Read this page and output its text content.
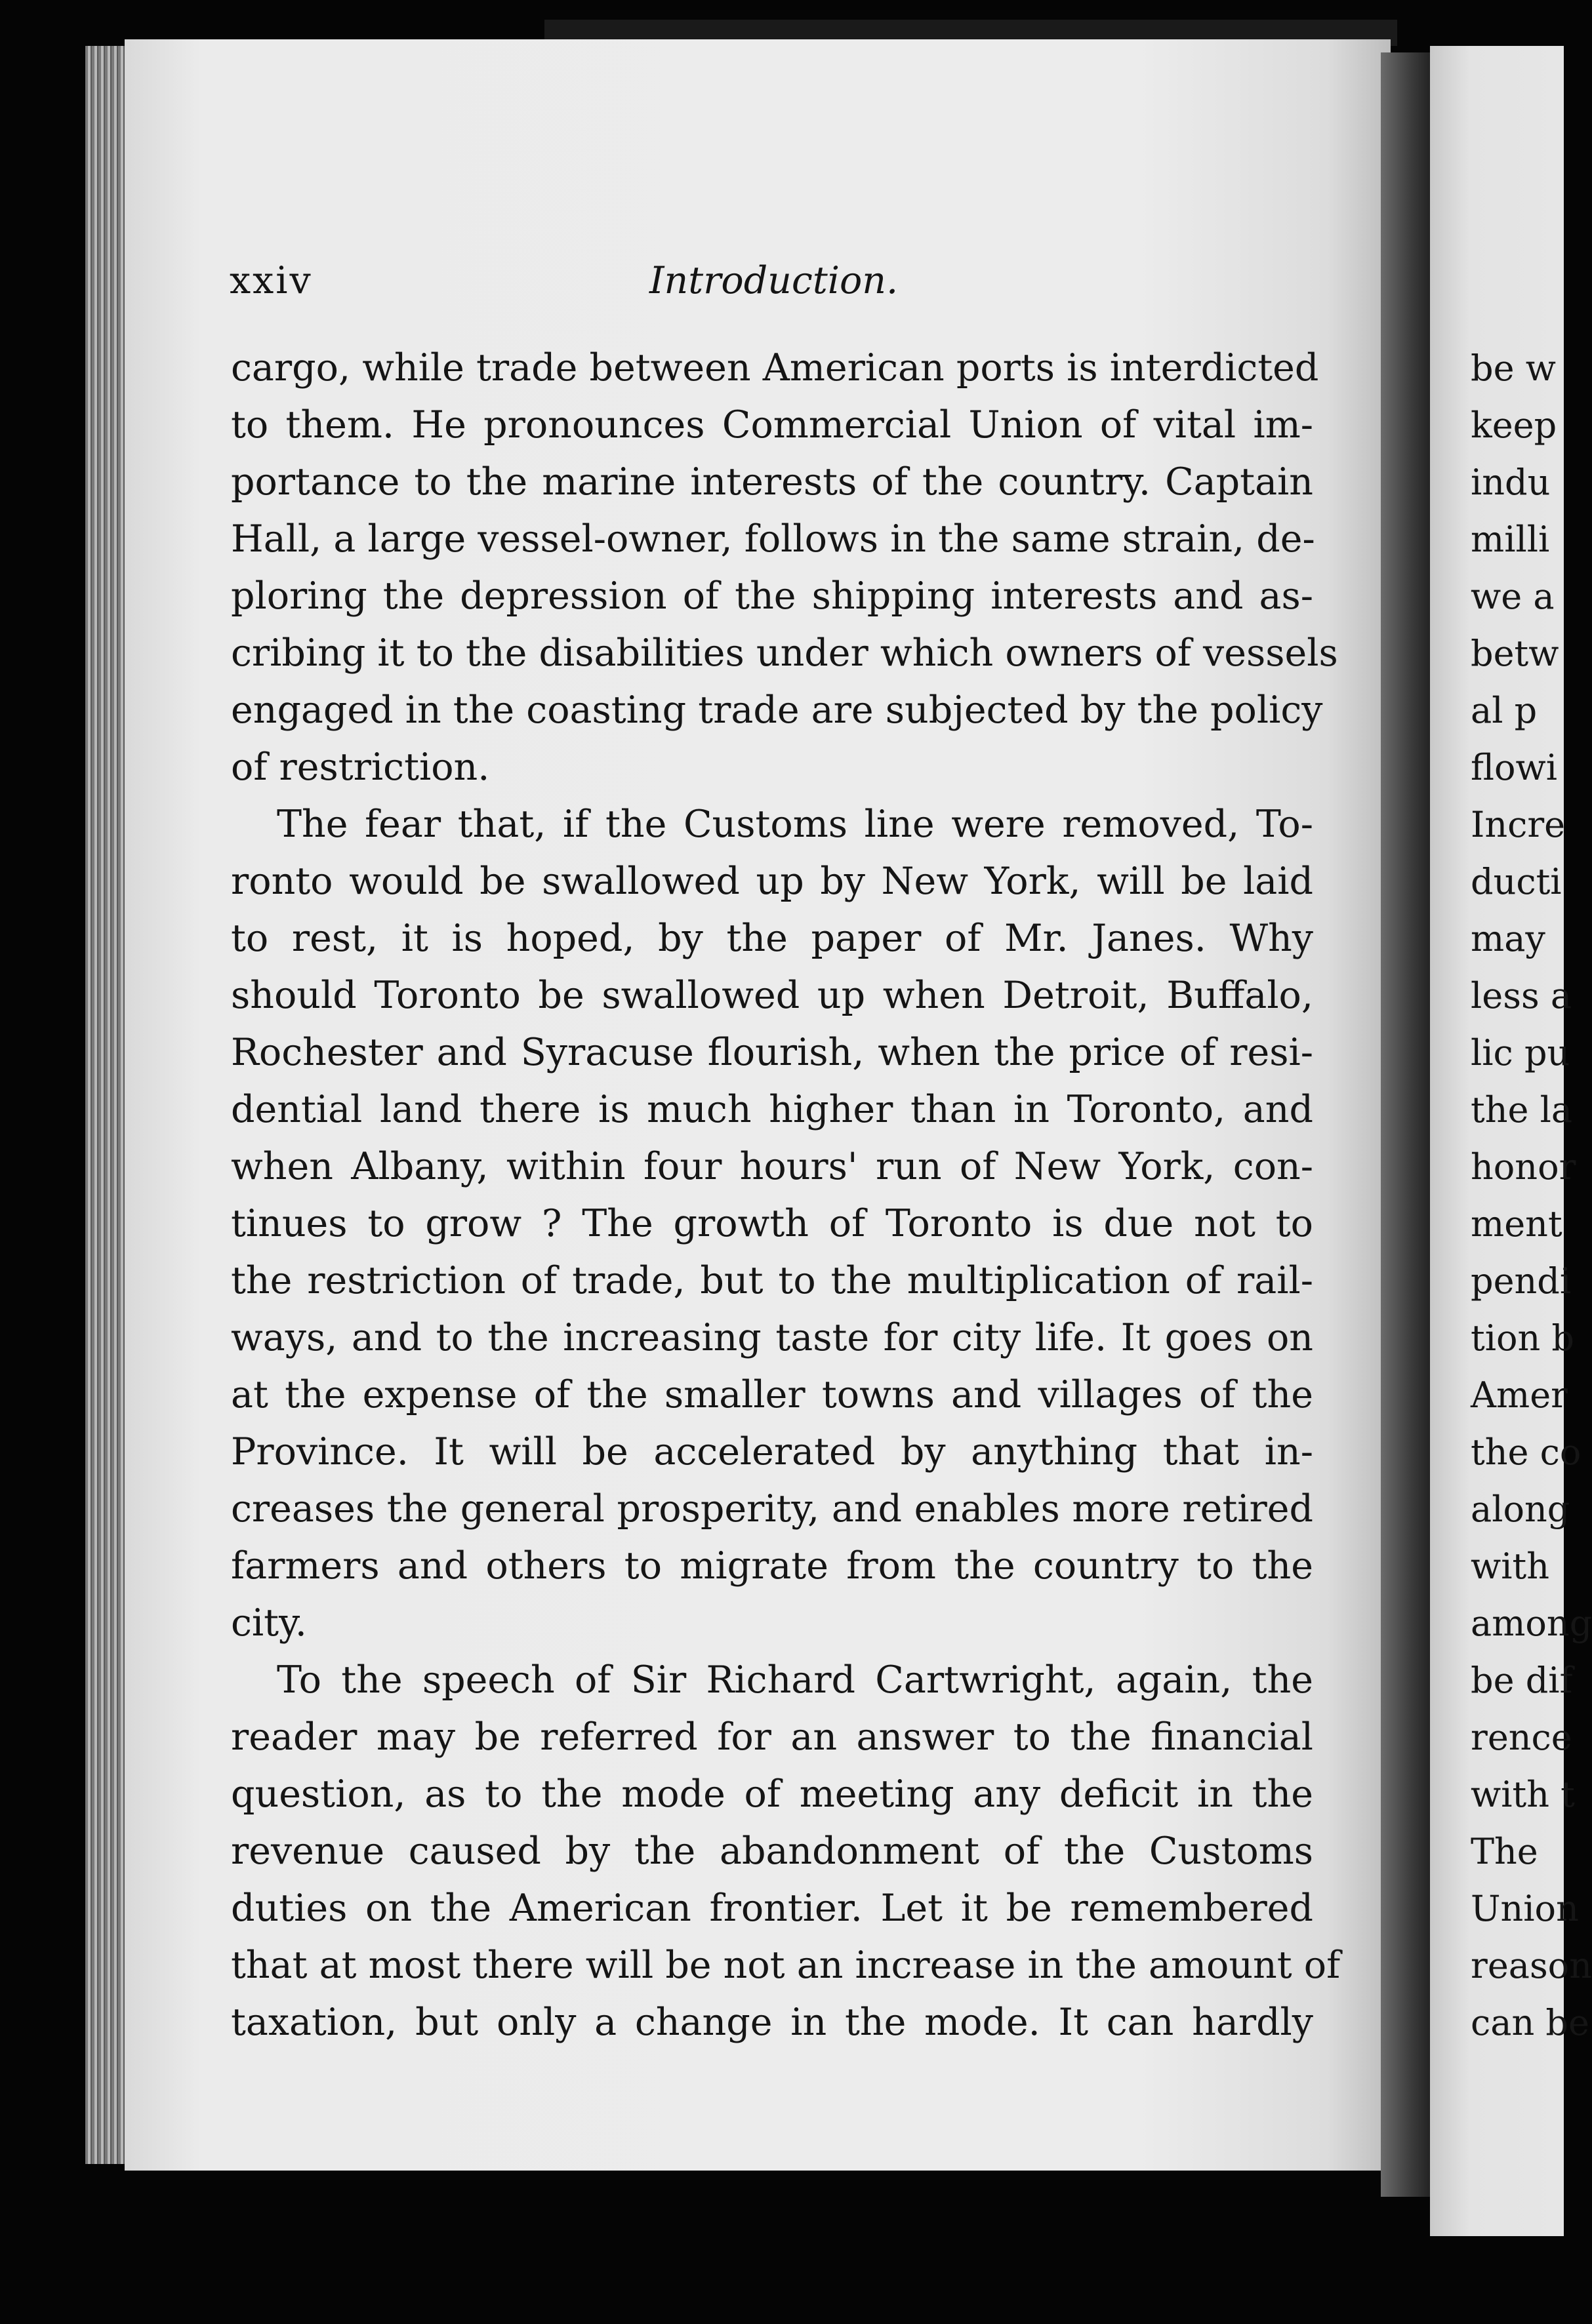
xxiv	Introduction.
cargo, while trade between American ports is interdicted
to them. He pronounces Commercial Union of vital im-
portance to the marine interests of the country. Captain
Hall, a large vessel-owner, follows in the same strain, de-
ploring the depression of the shipping interests and as-
cribing it to the disabilities under which owners of vessels
engaged in the coasting trade are subjected by the policy
of restriction.
The fear that, if the Customs line were removed, To-
ronto would be swallowed up by New York, will be laid
to rest, it is hoped, by the paper of Mr. Janes. Why
should Toronto be swallowed up when Detroit, Buffalo,
Rochester and Syracuse flourish, when the price of resi-
dential land there is much higher than in Toronto, and
when Albany, within four hours' run of New York, con-
tinues to grow ? The growth of Toronto is due not to
the restriction of trade, but to the multiplication of rail-
ways, and to the increasing taste for city life. It goes on
at the expense of the smaller towns and villages of the
Province. It will be accelerated by anything that in-
creases the general prosperity, and enables more retired
farmers and others to migrate from the country to the
city.
To the speech of Sir Richard Cartwright, again, the
reader may be referred for an answer to the financial
question, as to the mode of meeting any deficit in the
revenue caused by the abandonment of the Customs
duties on the American frontier. Let it be remembered
that at most there will be not an increase in the amount of
taxation, but only a change in the mode. It can hardly
be w
keep
indu
milli
we a
betw
al p
flowi
Incre
ducti
may
less a
lic pu
the la
honor
ment
pendi
tion b
Amer
the co
along
with
among
be dif
rence
with t
The
Union
reason
can be
